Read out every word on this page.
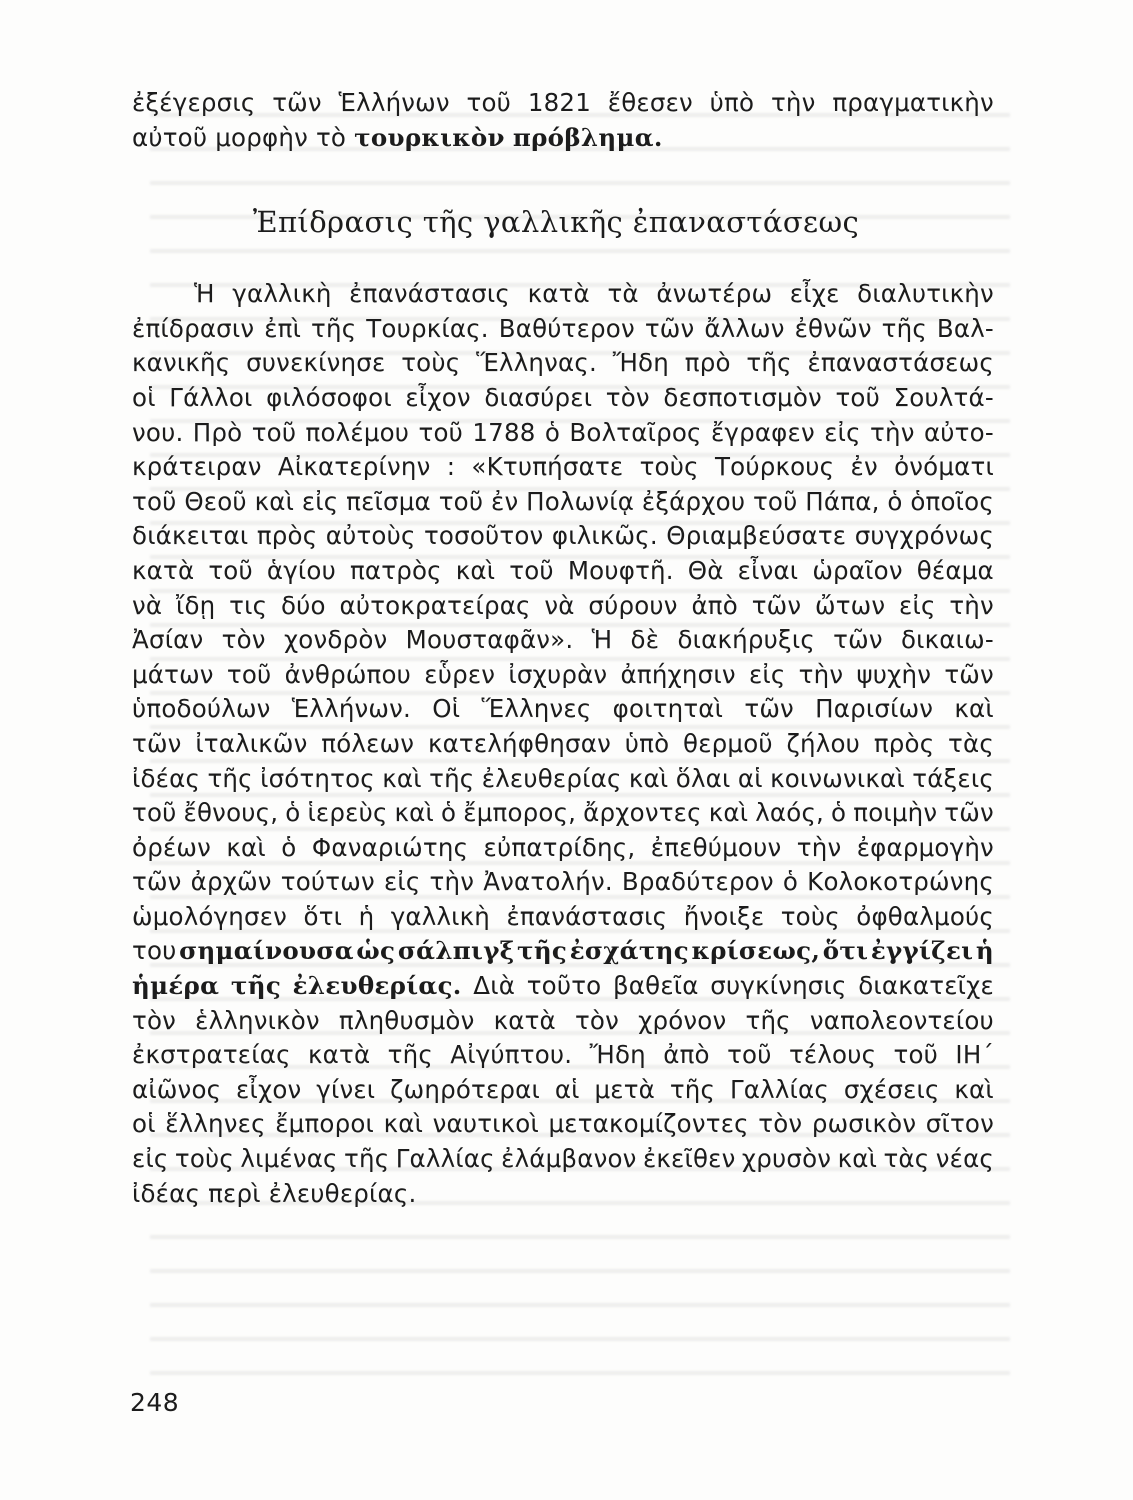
ἐξέγερσις τῶν Ἑλλήνων τοῦ 1821 ἔθεσεν ὑπὸ τὴν πραγματικὴν
αὐτοῦ μορφὴν τὸ τουρκικὸν πρόβλημα.
Ἐπίδρασις τῆς γαλλικῆς ἐπαναστάσεως
Ἡ γαλλικὴ ἐπανάστασις κατὰ τὰ ἀνωτέρω εἶχε διαλυτικὴν
ἐπίδρασιν ἐπὶ τῆς Τουρκίας. Βαθύτερον τῶν ἄλλων ἐθνῶν τῆς Βαλ-
κανικῆς συνεκίνησε τοὺς Ἕλληνας. Ἤδη πρὸ τῆς ἐπαναστάσεως
οἱ Γάλλοι φιλόσοφοι εἶχον διασύρει τὸν δεσποτισμὸν τοῦ Σουλτά-
νου. Πρὸ τοῦ πολέμου τοῦ 1788 ὁ Βολταῖρος ἔγραφεν εἰς τὴν αὐτο-
κράτειραν Αἰκατερίνην : «Κτυπήσατε τοὺς Τούρκους ἐν ὀνόματι
τοῦ Θεοῦ καὶ εἰς πεῖσμα τοῦ ἐν Πολωνίᾳ ἐξάρχου τοῦ Πάπα, ὁ ὁποῖος
διάκειται πρὸς αὐτοὺς τοσοῦτον φιλικῶς. Θριαμβεύσατε συγχρόνως
κατὰ τοῦ ἁγίου πατρὸς καὶ τοῦ Μουφτῆ. Θὰ εἶναι ὡραῖον θέαμα
νὰ ἴδῃ τις δύο αὐτοκρατείρας νὰ σύρουν ἀπὸ τῶν ὤτων εἰς τὴν
Ἀσίαν τὸν χονδρὸν Μουσταφᾶν». Ἡ δὲ διακήρυξις τῶν δικαιω-
μάτων τοῦ ἀνθρώπου εὗρεν ἰσχυρὰν ἀπήχησιν εἰς τὴν ψυχὴν τῶν
ὑποδούλων Ἑλλήνων. Οἱ Ἕλληνες φοιτηταὶ τῶν Παρισίων καὶ
τῶν ἰταλικῶν πόλεων κατελήφθησαν ὑπὸ θερμοῦ ζήλου πρὸς τὰς
ἰδέας τῆς ἰσότητος καὶ τῆς ἐλευθερίας καὶ ὅλαι αἱ κοινωνικαὶ τάξεις
τοῦ ἔθνους, ὁ ἱερεὺς καὶ ὁ ἔμπορος, ἄρχοντες καὶ λαός, ὁ ποιμὴν τῶν
ὀρέων καὶ ὁ Φαναριώτης εὐπατρίδης, ἐπεθύμουν τὴν ἐφαρμογὴν
τῶν ἀρχῶν τούτων εἰς τὴν Ἀνατολήν. Βραδύτερον ὁ Κολοκοτρώνης
ὡμολόγησεν ὅτι ἡ γαλλικὴ ἐπανάστασις ἤνοιξε τοὺς ὀφθαλμούς
του σημαίνουσα ὡς σάλπιγξ τῆς ἐσχάτης κρίσεως, ὅτι ἐγγίζει ἡ
ἡμέρα τῆς ἐλευθερίας. Διὰ τοῦτο βαθεῖα συγκίνησις διακατεῖχε
τὸν ἑλληνικὸν πληθυσμὸν κατὰ τὸν χρόνον τῆς ναπολεοντείου
ἐκστρατείας κατὰ τῆς Αἰγύπτου. Ἤδη ἀπὸ τοῦ τέλους τοῦ ΙΗ΄
αἰῶνος εἶχον γίνει ζωηρότεραι αἱ μετὰ τῆς Γαλλίας σχέσεις καὶ
οἱ ἕλληνες ἔμποροι καὶ ναυτικοὶ μετακομίζοντες τὸν ρωσικὸν σῖτον
εἰς τοὺς λιμένας τῆς Γαλλίας ἐλάμβανον ἐκεῖθεν χρυσὸν καὶ τὰς νέας
ἰδέας περὶ ἐλευθερίας.
248
